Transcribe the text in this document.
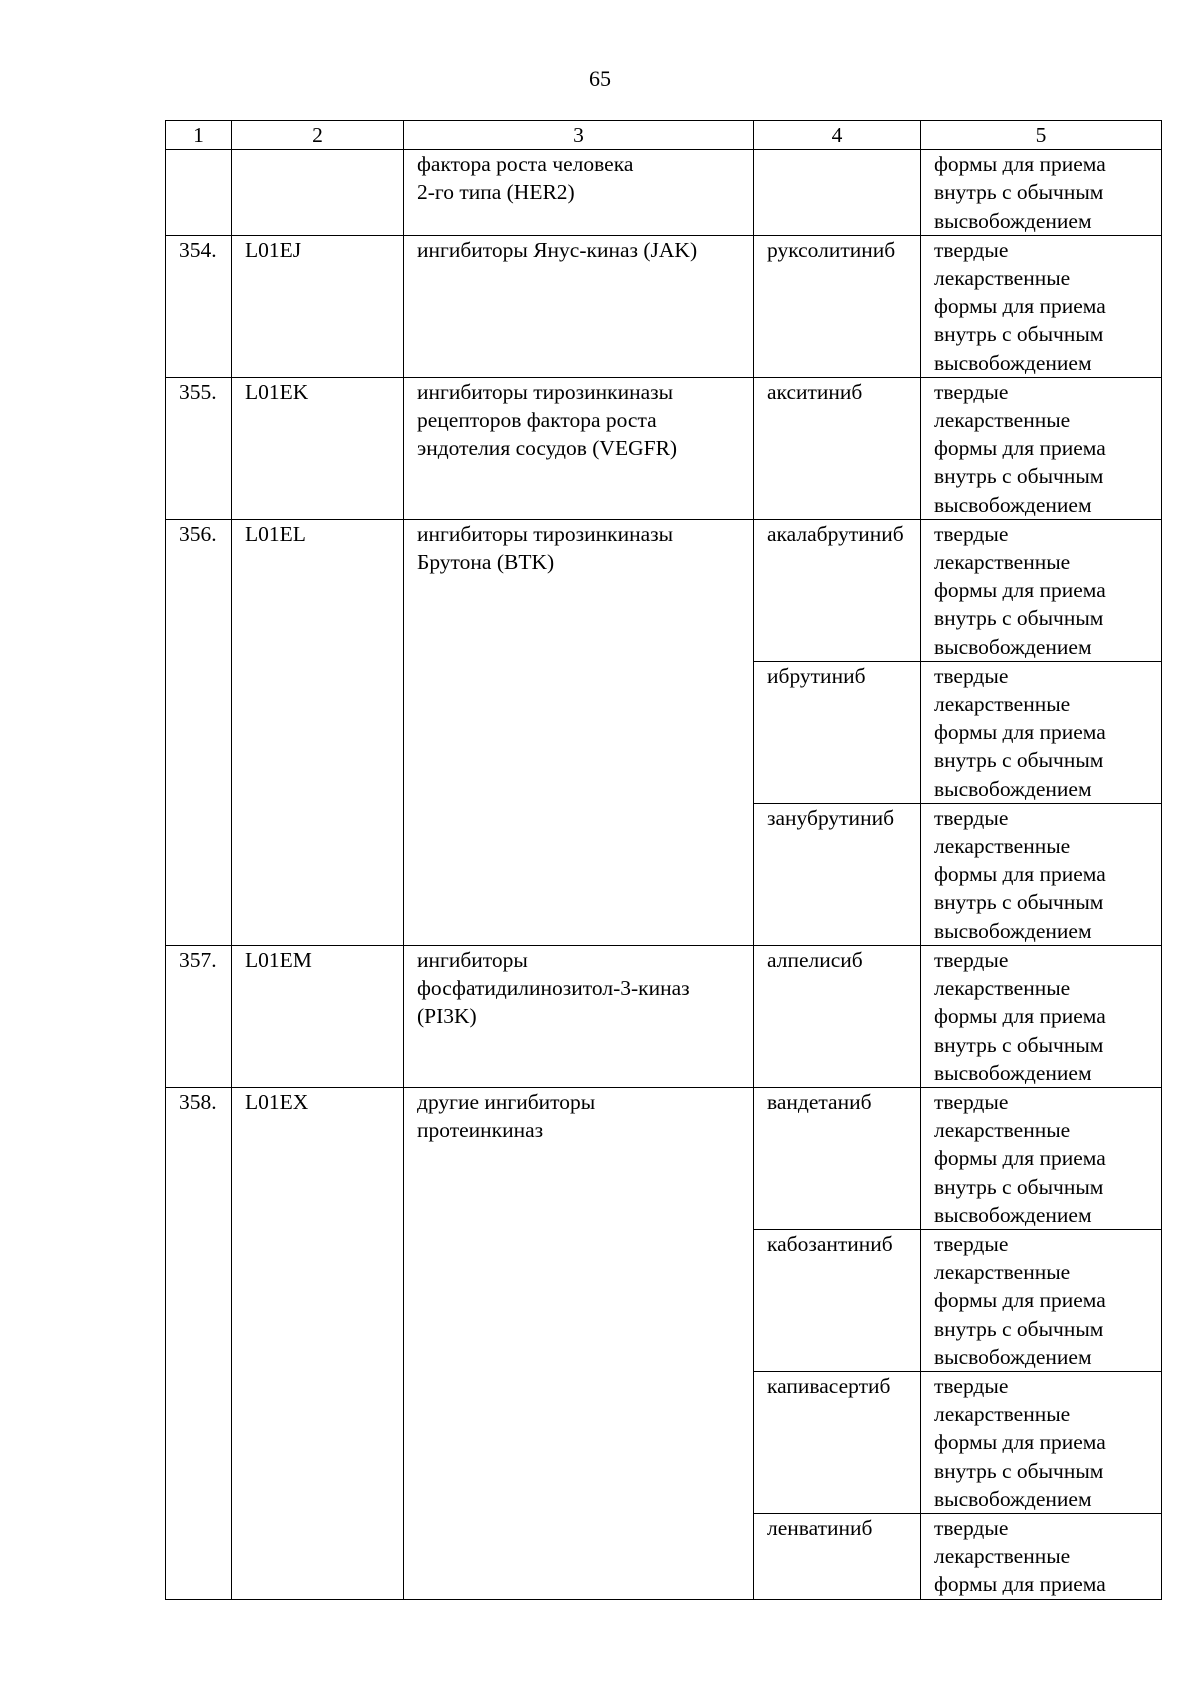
65
1	2	3	4	5

		фактора роста человека
2-го типа (HER2)		формы для приема
внутрь с обычным
высвобождением

354.	L01EJ	ингибиторы Янус-киназ (JAK)	руксолитиниб	твердые
лекарственные
формы для приема
внутрь с обычным
высвобождением

355.	L01EK	ингибиторы тирозинкиназы
рецепторов фактора роста
эндотелия сосудов (VEGFR)	акситиниб	твердые
лекарственные
формы для приема
внутрь с обычным
высвобождением

356.	L01EL	ингибиторы тирозинкиназы
Брутона (BTK)	акалабрутиниб	твердые
лекарственные
формы для приема
внутрь с обычным
высвобождением

			ибрутиниб	твердые
лекарственные
формы для приема
внутрь с обычным
высвобождением

			занубрутиниб	твердые
лекарственные
формы для приема
внутрь с обычным
высвобождением

357.	L01EM	ингибиторы
фосфатидилинозитол-3-киназ
(PI3K)	алпелисиб	твердые
лекарственные
формы для приема
внутрь с обычным
высвобождением

358.	L01EX	другие ингибиторы
протеинкиназ	вандетаниб	твердые
лекарственные
формы для приема
внутрь с обычным
высвобождением

			кабозантиниб	твердые
лекарственные
формы для приема
внутрь с обычным
высвобождением

			капивасертиб	твердые
лекарственные
формы для приема
внутрь с обычным
высвобождением

			ленватиниб	твердые
лекарственные
формы для приема
